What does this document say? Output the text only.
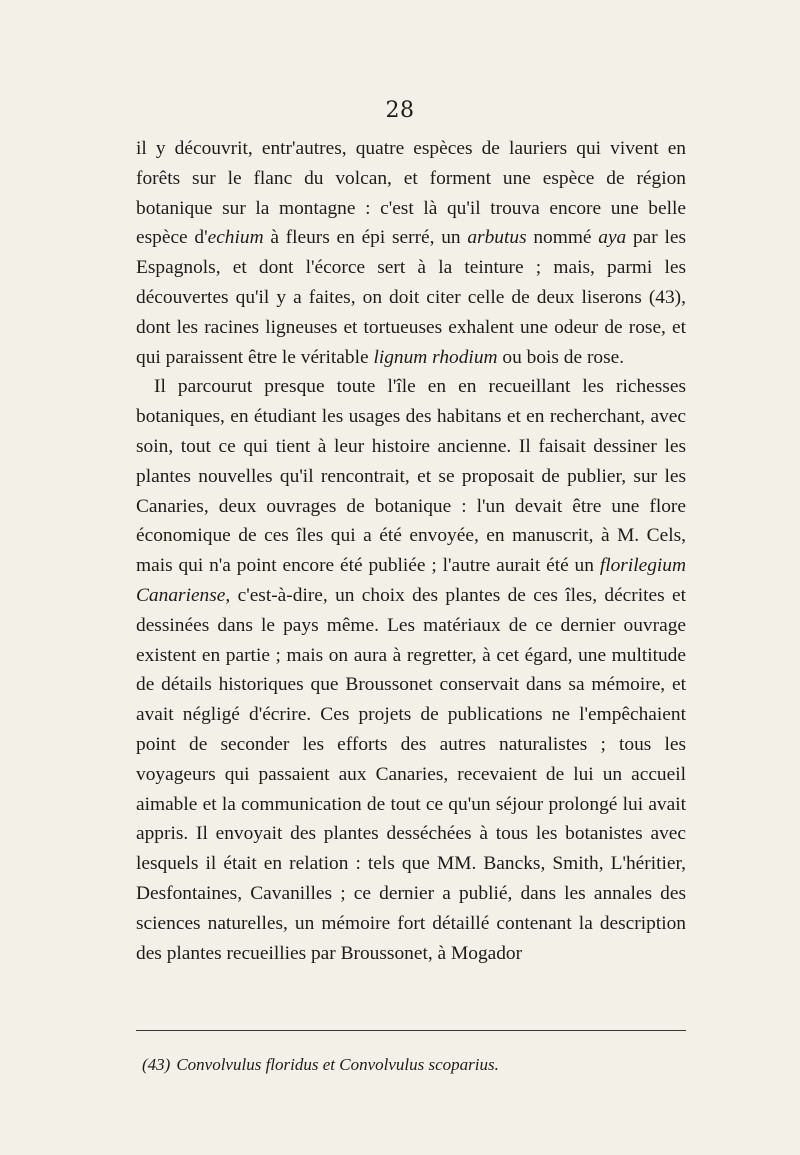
28

il y découvrit, entr'autres, quatre espèces de lauriers qui vivent en forêts sur le flanc du volcan, et forment une espèce de région botanique sur la montagne : c'est là qu'il trouva encore une belle espèce d'echium à fleurs en épi serré, un arbutus nommé aya par les Espagnols, et dont l'écorce sert à la teinture ; mais, parmi les découvertes qu'il y a faites, on doit citer celle de deux liserons (43), dont les racines ligneuses et tortueuses exhalent une odeur de rose, et qui paraissent être le véritable lignum rhodium ou bois de rose.

Il parcourut presque toute l'île en en recueillant les richesses botaniques, en étudiant les usages des habitans et en recherchant, avec soin, tout ce qui tient à leur histoire ancienne. Il faisait dessiner les plantes nouvelles qu'il rencontrait, et se proposait de publier, sur les Canaries, deux ouvrages de botanique : l'un devait être une flore économique de ces îles qui a été envoyée, en manuscrit, à M. Cels, mais qui n'a point encore été publiée ; l'autre aurait été un florilegium Canariense, c'est-à-dire, un choix des plantes de ces îles, décrites et dessinées dans le pays même. Les matériaux de ce dernier ouvrage existent en partie ; mais on aura à regretter, à cet égard, une multitude de détails historiques que Broussonet conservait dans sa mémoire, et avait négligé d'écrire. Ces projets de publications ne l'empêchaient point de seconder les efforts des autres naturalistes ; tous les voyageurs qui passaient aux Canaries, recevaient de lui un accueil aimable et la communication de tout ce qu'un séjour prolongé lui avait appris. Il envoyait des plantes desséchées à tous les botanistes avec lesquels il était en relation : tels que MM. Bancks, Smith, L'héritier, Desfontaines, Cavanilles ; ce dernier a publié, dans les annales des sciences naturelles, un mémoire fort détaillé contenant la description des plantes recueillies par Broussonet, à Mogador

(43) Convolvulus floridus et Convolvulus scoparius.
